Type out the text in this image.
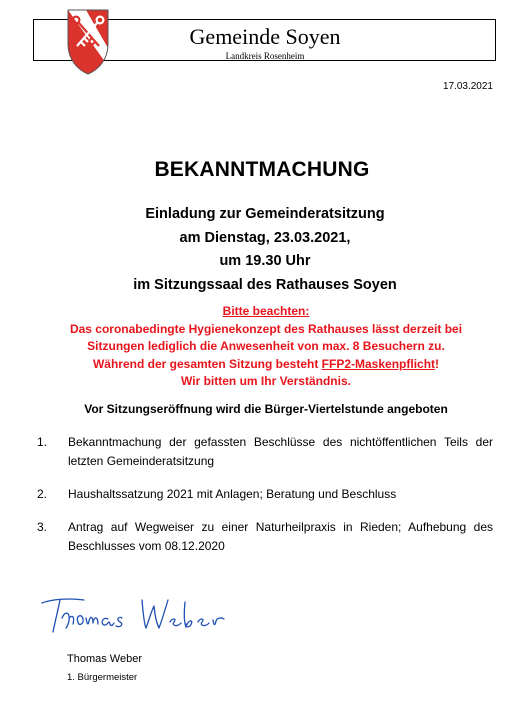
Gemeinde Soyen
Landkreis Rosenheim
17.03.2021
BEKANNTMACHUNG
Einladung zur Gemeinderatsitzung
am Dienstag, 23.03.2021,
um 19.30 Uhr
im Sitzungssaal des Rathauses Soyen
Bitte beachten:
Das coronabedingte Hygienekonzept des Rathauses lässt derzeit bei
Sitzungen lediglich die Anwesenheit von max. 8 Besuchern zu.
Während der gesamten Sitzung besteht FFP2-Maskenpflicht!
Wir bitten um Ihr Verständnis.
Vor Sitzungseröffnung wird die Bürger-Viertelstunde angeboten
1. Bekanntmachung der gefassten Beschlüsse des nichtöffentlichen Teils der letzten Gemeinderatsitzung
2. Haushaltssatzung 2021 mit Anlagen; Beratung und Beschluss
3. Antrag auf Wegweiser zu einer Naturheilpraxis in Rieden; Aufhebung des Beschlusses vom 08.12.2020
Thomas Weber
1. Bürgermeister
